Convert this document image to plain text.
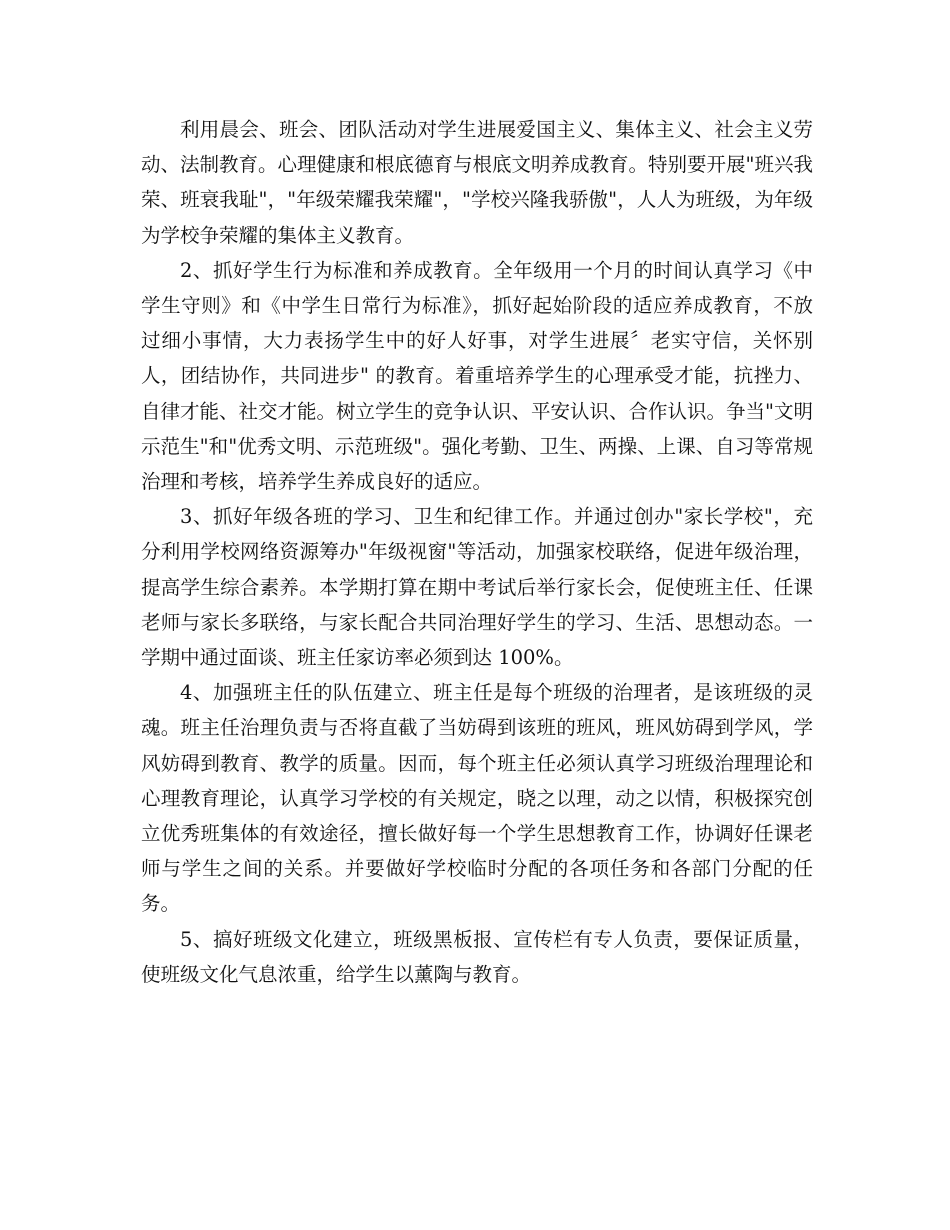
利用晨会、班会、团队活动对学生进展爱国主义、集体主义、社会主义劳动、法制教育。心理健康和根底德育与根底文明养成教育。特别要开展"班兴我荣、班衰我耻"，"年级荣耀我荣耀"，"学校兴隆我骄傲"，人人为班级，为年级为学校争荣耀的集体主义教育。

2、抓好学生行为标准和养成教育。全年级用一个月的时间认真学习《中学生守则》和《中学生日常行为标准》，抓好起始阶段的适应养成教育，不放过细小事情，大力表扬学生中的好人好事，对学生进展〞老实守信，关怀别人，团结协作，共同进步" 的教育。着重培养学生的心理承受才能，抗挫力、自律才能、社交才能。树立学生的竞争认识、平安认识、合作认识。争当"文明示范生"和"优秀文明、示范班级"。强化考勤、卫生、两操、上课、自习等常规治理和考核，培养学生养成良好的适应。

3、抓好年级各班的学习、卫生和纪律工作。并通过创办"家长学校"，充分利用学校网络资源筹办"年级视窗"等活动，加强家校联络，促进年级治理，提高学生综合素养。本学期打算在期中考试后举行家长会，促使班主任、任课老师与家长多联络，与家长配合共同治理好学生的学习、生活、思想动态。一学期中通过面谈、班主任家访率必须到达 100%。

4、加强班主任的队伍建立、班主任是每个班级的治理者，是该班级的灵魂。班主任治理负责与否将直截了当妨碍到该班的班风，班风妨碍到学风，学风妨碍到教育、教学的质量。因而，每个班主任必须认真学习班级治理理论和心理教育理论，认真学习学校的有关规定，晓之以理，动之以情，积极探究创立优秀班集体的有效途径，擅长做好每一个学生思想教育工作，协调好任课老师与学生之间的关系。并要做好学校临时分配的各项任务和各部门分配的任务。

5、搞好班级文化建立，班级黑板报、宣传栏有专人负责，要保证质量，使班级文化气息浓重，给学生以薰陶与教育。
